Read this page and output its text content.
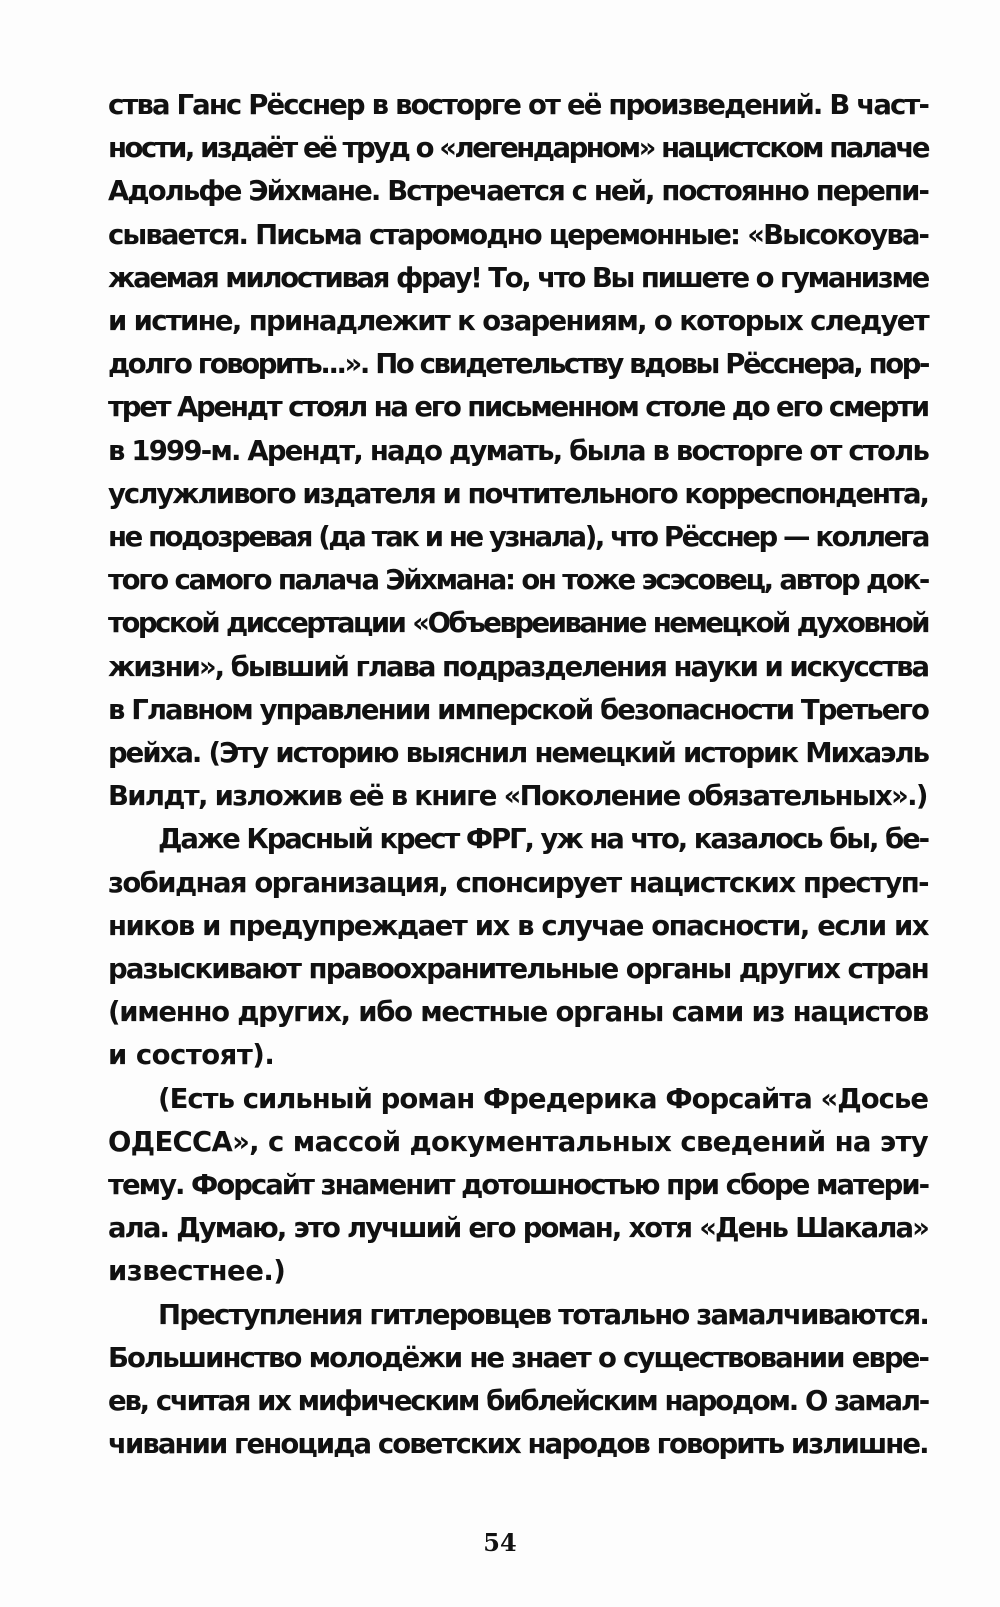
ства Ганс Рёсснер в восторге от её произведений. В част-
ности, издаёт её труд о «легендарном» нацистском палаче
Адольфе Эйхмане. Встречается с ней, постоянно перепи-
сывается. Письма старомодно церемонные: «Высокоува-
жаемая милостивая фрау! То, что Вы пишете о гуманизме
и истине, принадлежит к озарениям, о которых следует
долго говорить...». По свидетельству вдовы Рёсснера, пор-
трет Арендт стоял на его письменном столе до его смерти
в 1999-м. Арендт, надо думать, была в восторге от столь
услужливого издателя и почтительного корреспондента,
не подозревая (да так и не узнала), что Рёсснер — коллега
того самого палача Эйхмана: он тоже эсэсовец, автор док-
торской диссертации «Объевреивание немецкой духовной
жизни», бывший глава подразделения науки и искусства
в Главном управлении имперской безопасности Третьего
рейха. (Эту историю выяснил немецкий историк Михаэль
Вилдт, изложив её в книге «Поколение обязательных».)

Даже Красный крест ФРГ, уж на что, казалось бы, бе-
зобидная организация, спонсирует нацистских преступ-
ников и предупреждает их в случае опасности, если их
разыскивают правоохранительные органы других стран
(именно других, ибо местные органы сами из нацистов
и состоят).

(Есть сильный роман Фредерика Форсайта «Досье
ОДЕССА», с массой документальных сведений на эту
тему. Форсайт знаменит дотошностью при сборе матери-
ала. Думаю, это лучший его роман, хотя «День Шакала»
известнее.)

Преступления гитлеровцев тотально замалчиваются.
Большинство молодёжи не знает о существовании евре-
ев, считая их мифическим библейским народом. О замал-
чивании геноцида советских народов говорить излишне.

54
